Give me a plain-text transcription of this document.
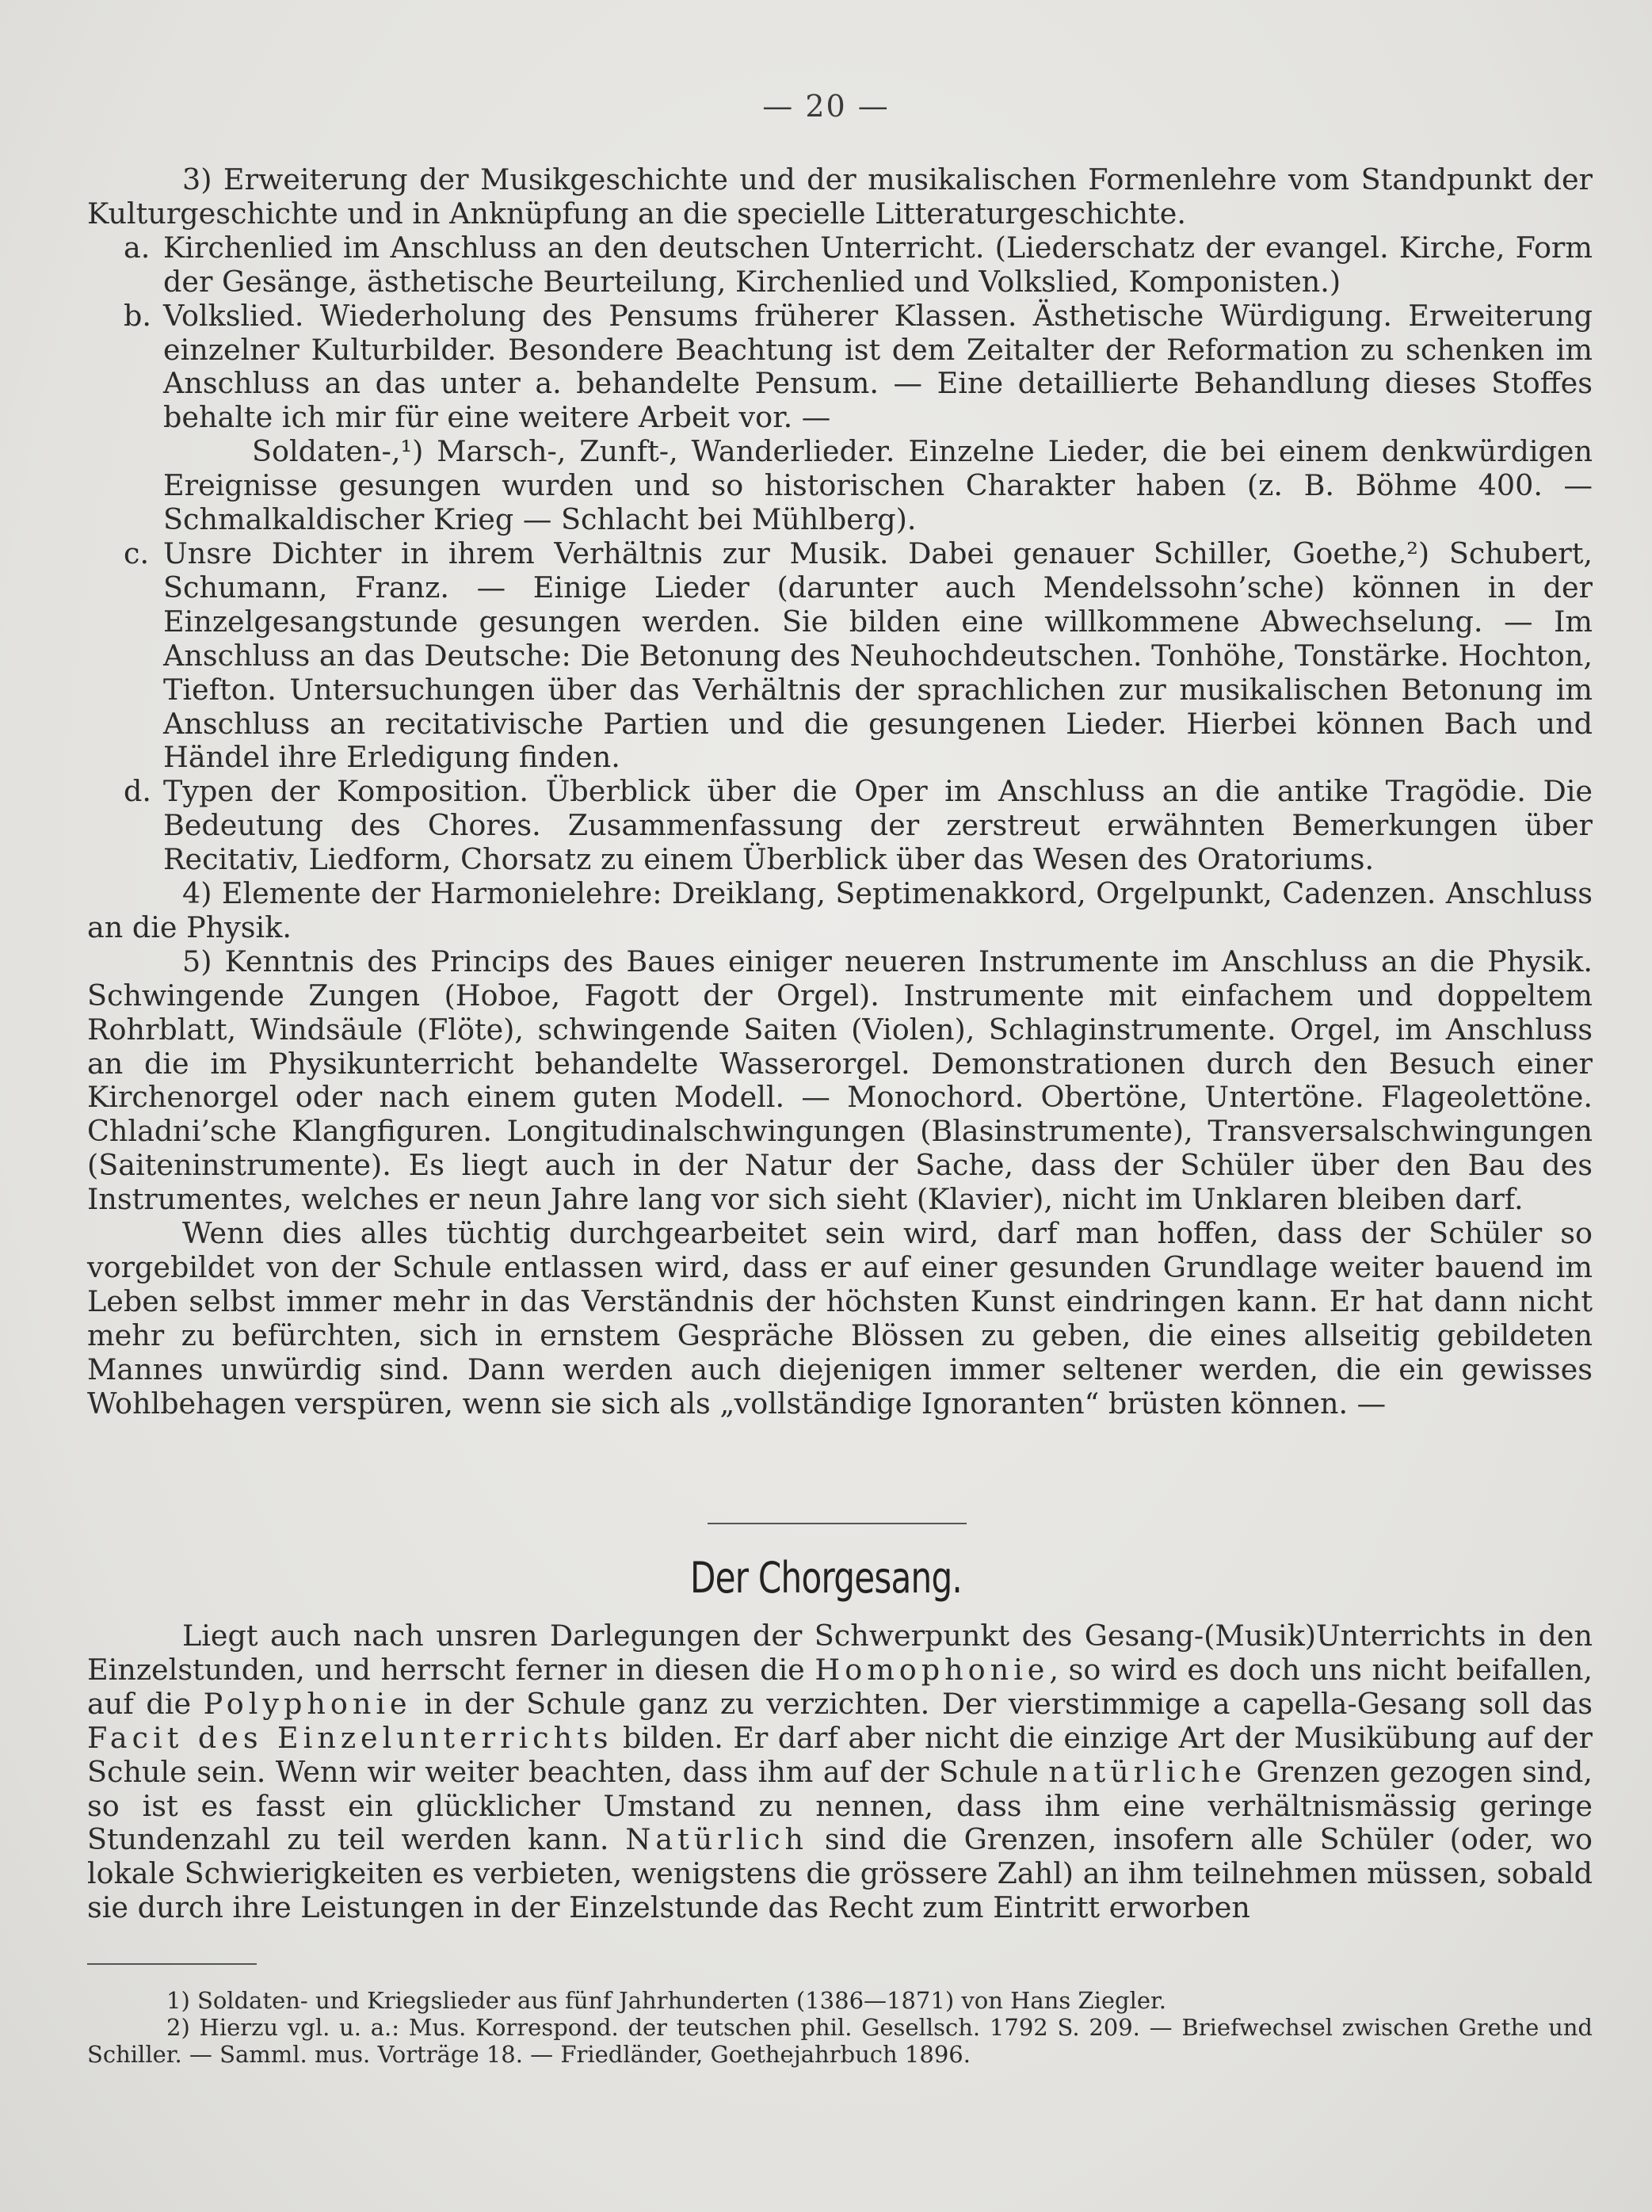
— 20 —

3) Erweiterung der Musikgeschichte und der musikalischen Formenlehre vom Standpunkt der Kulturgeschichte und in Anknüpfung an die specielle Litteraturgeschichte.

a. Kirchenlied im Anschluss an den deutschen Unterricht. (Liederschatz der evangel. Kirche, Form der Gesänge, ästhetische Beurteilung, Kirchenlied und Volkslied, Komponisten.)

b. Volkslied. Wiederholung des Pensums früherer Klassen. Ästhetische Würdigung. Erweiterung einzelner Kulturbilder. Besondere Beachtung ist dem Zeitalter der Reformation zu schenken im Anschluss an das unter a. behandelte Pensum. — Eine detaillierte Behandlung dieses Stoffes behalte ich mir für eine weitere Arbeit vor. —

Soldaten-,¹) Marsch-, Zunft-, Wanderlieder. Einzelne Lieder, die bei einem denkwürdigen Ereignisse gesungen wurden und so historischen Charakter haben (z. B. Böhme 400. — Schmalkaldischer Krieg — Schlacht bei Mühlberg).

c. Unsre Dichter in ihrem Verhältnis zur Musik. Dabei genauer Schiller, Goethe,²) Schubert, Schumann, Franz. — Einige Lieder (darunter auch Mendelssohn’sche) können in der Einzelgesangstunde gesungen werden. Sie bilden eine willkommene Abwechselung. — Im Anschluss an das Deutsche: Die Betonung des Neuhochdeutschen. Tonhöhe, Tonstärke. Hochton, Tiefton. Untersuchungen über das Verhältnis der sprachlichen zur musikalischen Betonung im Anschluss an recitativische Partien und die gesungenen Lieder. Hierbei können Bach und Händel ihre Erledigung finden.

d. Typen der Komposition. Überblick über die Oper im Anschluss an die antike Tragödie. Die Bedeutung des Chores. Zusammenfassung der zerstreut erwähnten Bemerkungen über Recitativ, Liedform, Chorsatz zu einem Überblick über das Wesen des Oratoriums.

4) Elemente der Harmonielehre: Dreiklang, Septimenakkord, Orgelpunkt, Cadenzen. Anschluss an die Physik.

5) Kenntnis des Princips des Baues einiger neueren Instrumente im Anschluss an die Physik. Schwingende Zungen (Hoboe, Fagott der Orgel). Instrumente mit einfachem und doppeltem Rohrblatt, Windsäule (Flöte), schwingende Saiten (Violen), Schlaginstrumente. Orgel, im Anschluss an die im Physikunterricht behandelte Wasserorgel. Demonstrationen durch den Besuch einer Kirchenorgel oder nach einem guten Modell. — Monochord. Obertöne, Untertöne. Flageolettöne. Chladni’sche Klangfiguren. Longitudinalschwingungen (Blasinstrumente), Transversalschwingungen (Saiteninstrumente). Es liegt auch in der Natur der Sache, dass der Schüler über den Bau des Instrumentes, welches er neun Jahre lang vor sich sieht (Klavier), nicht im Unklaren bleiben darf.

Wenn dies alles tüchtig durchgearbeitet sein wird, darf man hoffen, dass der Schüler so vorgebildet von der Schule entlassen wird, dass er auf einer gesunden Grundlage weiter bauend im Leben selbst immer mehr in das Verständnis der höchsten Kunst eindringen kann. Er hat dann nicht mehr zu befürchten, sich in ernstem Gespräche Blössen zu geben, die eines allseitig gebildeten Mannes unwürdig sind. Dann werden auch diejenigen immer seltener werden, die ein gewisses Wohlbehagen verspüren, wenn sie sich als „vollständige Ignoranten“ brüsten können. —

Der Chorgesang.

Liegt auch nach unsren Darlegungen der Schwerpunkt des Gesang-(Musik)Unterrichts in den Einzelstunden, und herrscht ferner in diesen die Homophonie, so wird es doch uns nicht beifallen, auf die Polyphonie in der Schule ganz zu verzichten. Der vierstimmige a capella-Gesang soll das Facit des Einzelunterrichts bilden. Er darf aber nicht die einzige Art der Musikübung auf der Schule sein. Wenn wir weiter beachten, dass ihm auf der Schule natürliche Grenzen gezogen sind, so ist es fasst ein glücklicher Umstand zu nennen, dass ihm eine verhältnismässig geringe Stundenzahl zu teil werden kann. Natürlich sind die Grenzen, insofern alle Schüler (oder, wo lokale Schwierigkeiten es verbieten, wenigstens die grössere Zahl) an ihm teilnehmen müssen, sobald sie durch ihre Leistungen in der Einzelstunde das Recht zum Eintritt erworben

1) Soldaten- und Kriegslieder aus fünf Jahrhunderten (1386—1871) von Hans Ziegler.

2) Hierzu vgl. u. a.: Mus. Korrespond. der teutschen phil. Gesellsch. 1792 S. 209. — Briefwechsel zwischen Grethe und Schiller. — Samml. mus. Vorträge 18. — Friedländer, Goethejahrbuch 1896.
